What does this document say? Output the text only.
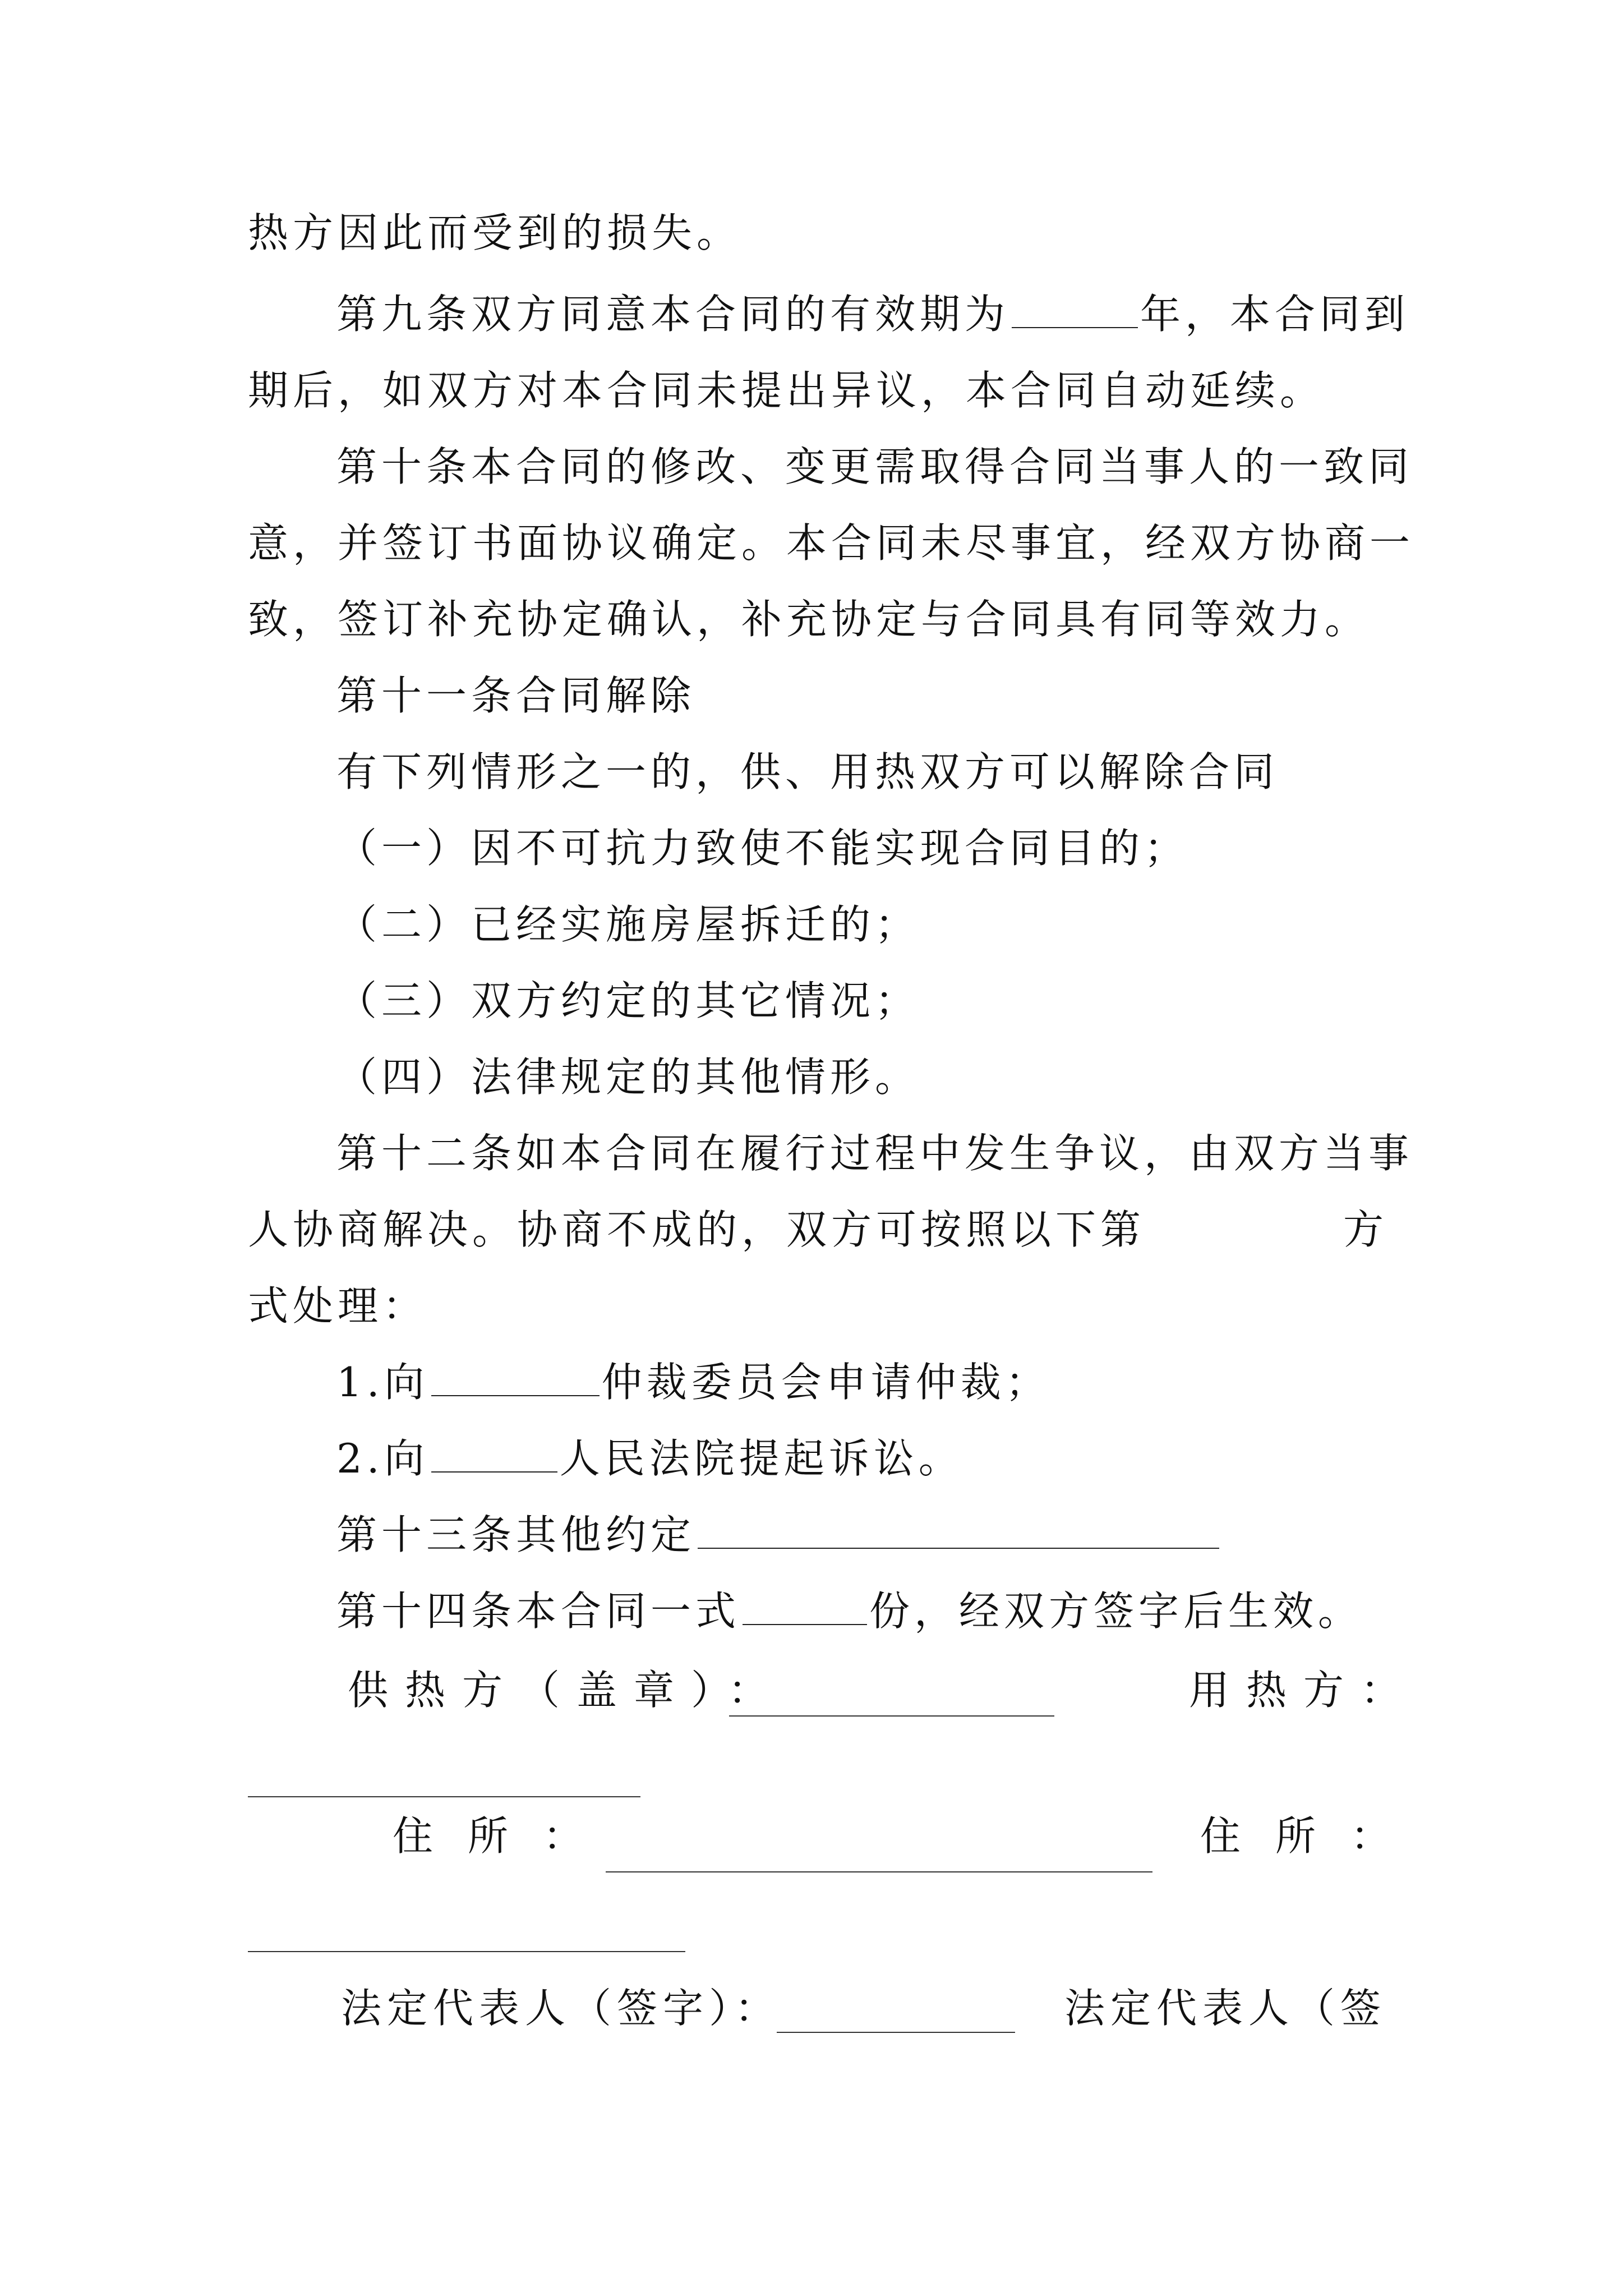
热方因此而受到的损失。
第九条双方同意本合同的有效期为	年，本合同到
期后，如双方对本合同未提出异议，本合同自动延续。
第十条本合同的修改、变更需取得合同当事人的一致同
意，并签订书面协议确定。本合同未尽事宜，经双方协商一
致，签订补充协定确认，补充协定与合同具有同等效力。
第十一条合同解除
有下列情形之一的，供、用热双方可以解除合同
（一）因不可抗力致使不能实现合同目的；
（二）已经实施房屋拆迁的；
（三）双方约定的其它情况；
（四）法律规定的其他情形。
第十二条如本合同在履行过程中发生争议，由双方当事
人协商解决。协商不成的，双方可按照以下第	方
式处理：
1.向	仲裁委员会申请仲裁；
2.向	人民法院提起诉讼。
第十三条其他约定
第十四条本合同一式	份，经双方签字后生效。
供热方（盖章）：	用热方：
住所：	住所：
法定代表人（签字）：	法定代表人（签
